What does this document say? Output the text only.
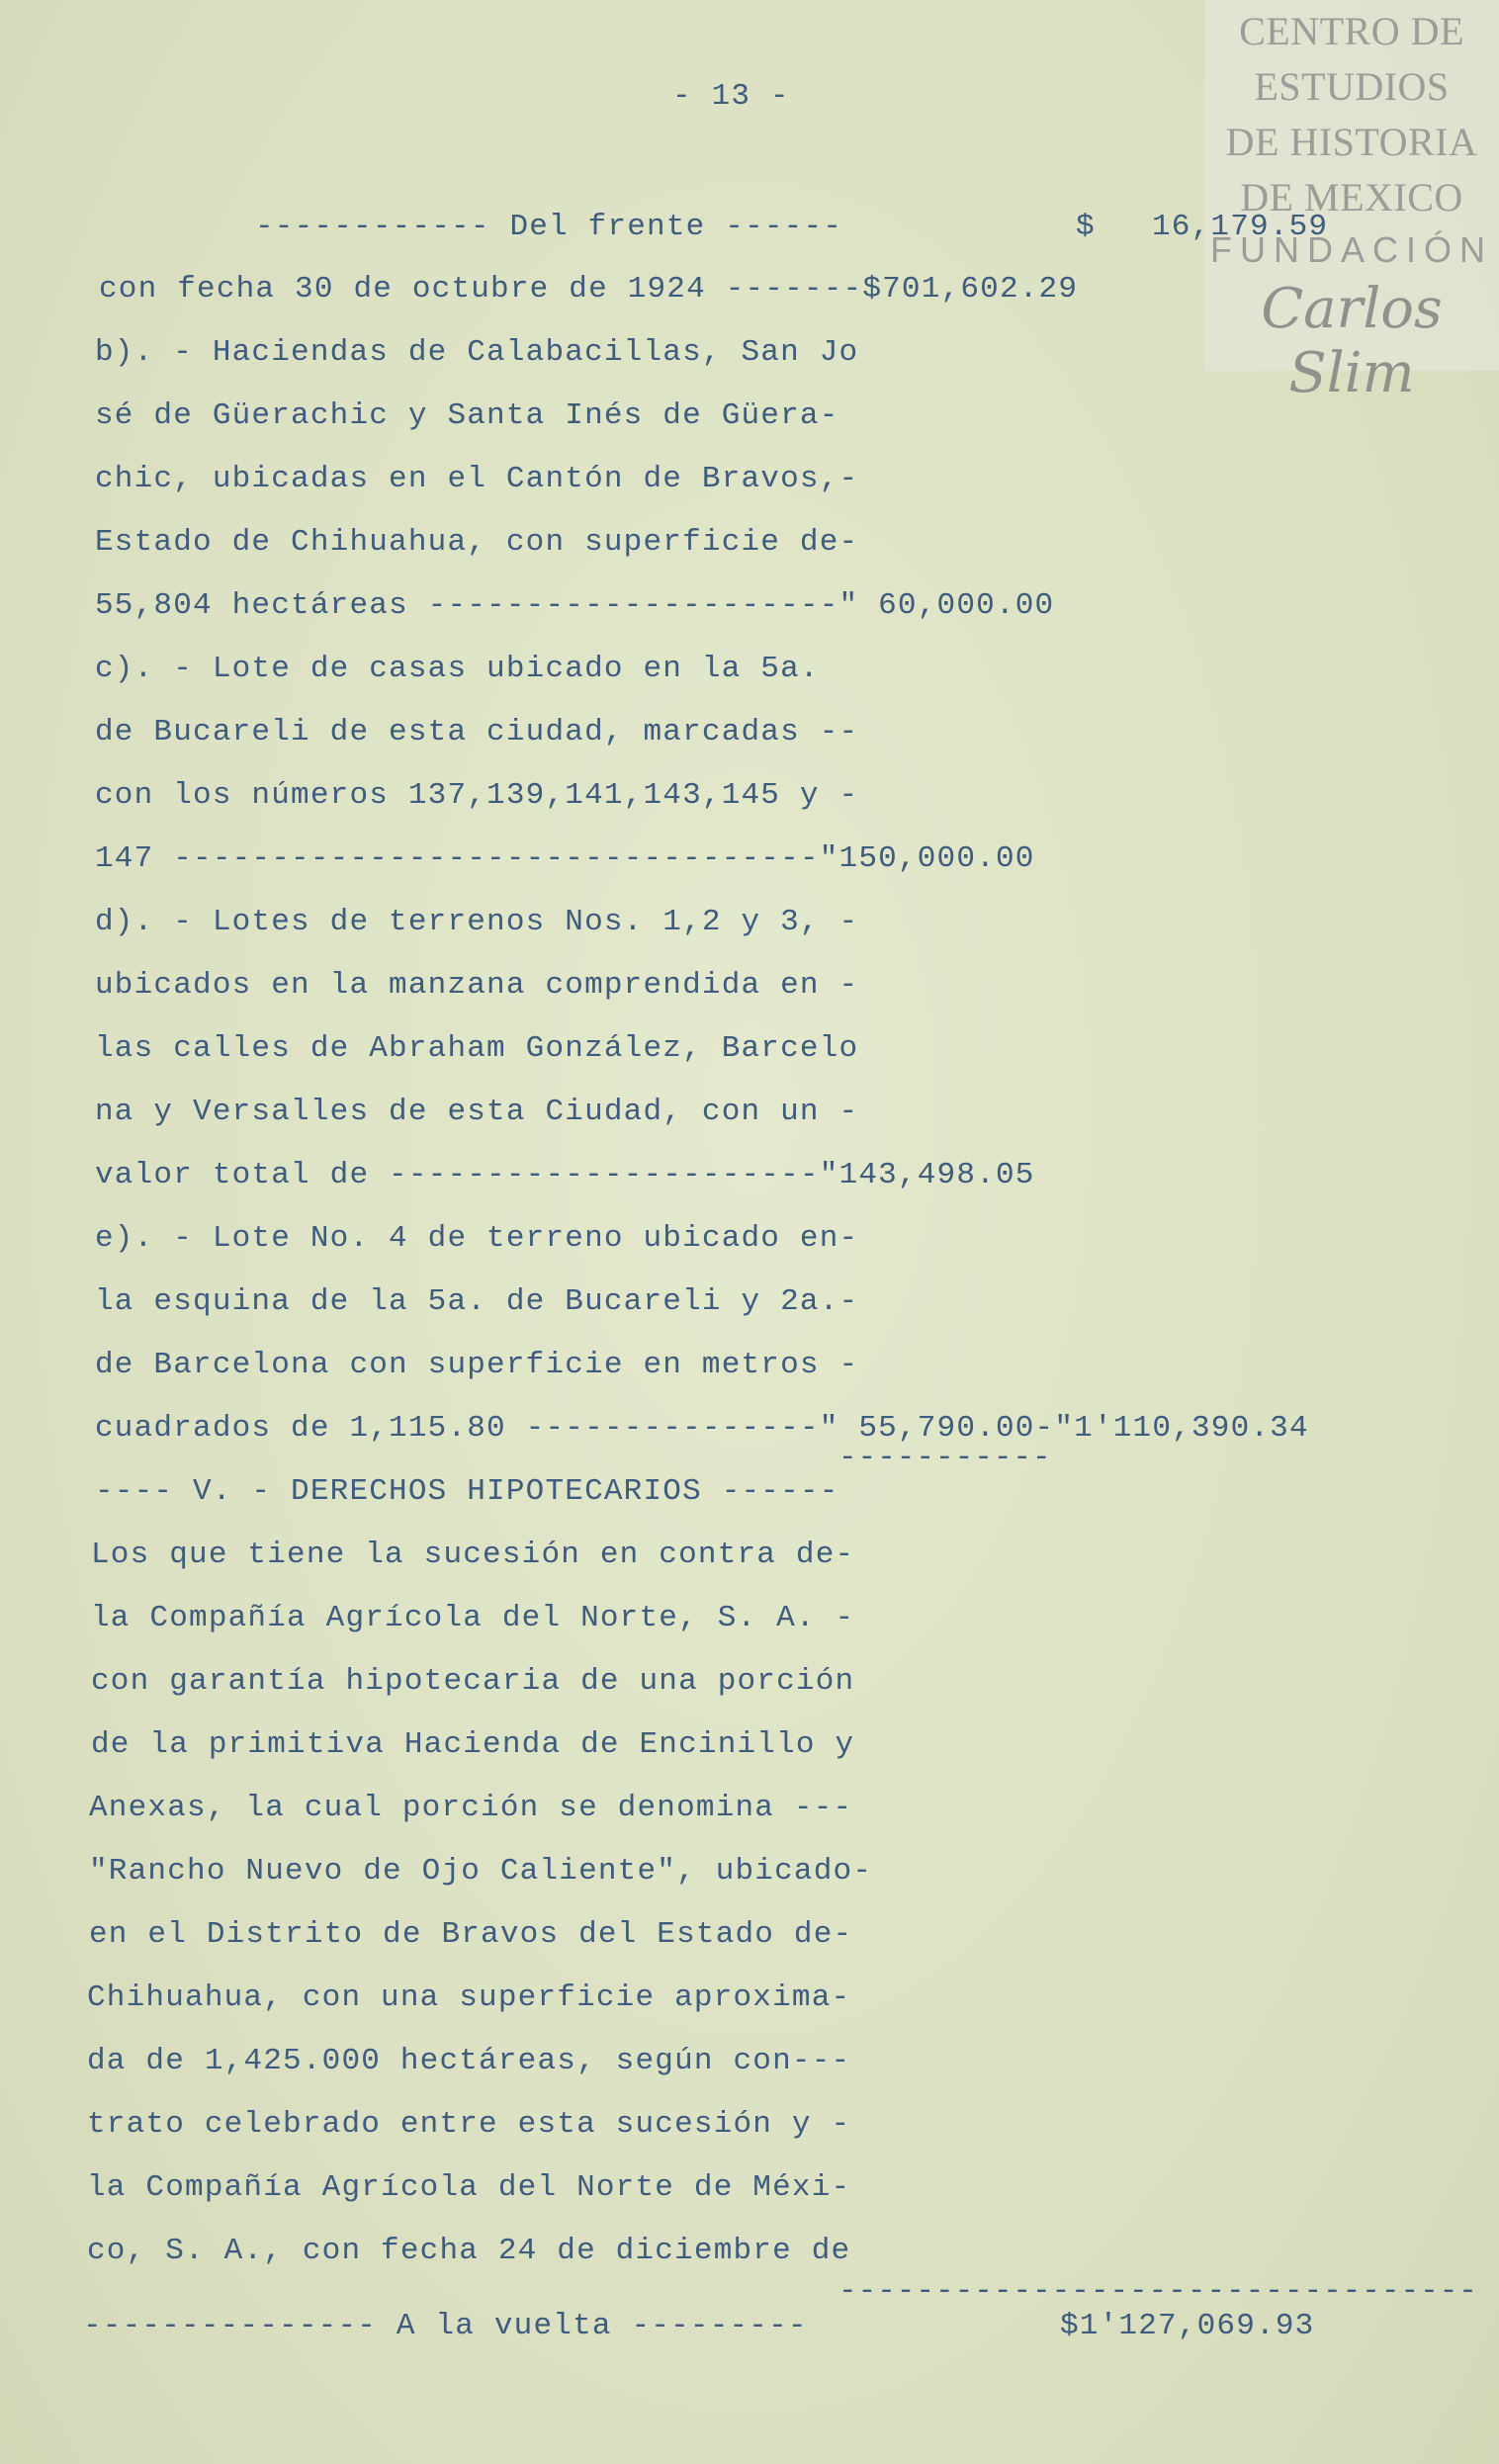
CENTRO DE
ESTUDIOS
DE HISTORIA
DE MEXICO
FUNDACIÓN
Carlos Slim
- 13 -
------------ Del frente ------	$ 16,179.59
con fecha 30 de octubre de 1924 -------$701,602.29
b). - Haciendas de Calabacillas, San Jo
sé de Güerachic y Santa Inés de Güera-
chic, ubicadas en el Cantón de Bravos,-
Estado de Chihuahua, con superficie de-
55,804 hectáreas ---------------------" 60,000.00
c). - Lote de casas ubicado en la 5a.
de Bucareli de esta ciudad, marcadas --
con los números 137,139,141,143,145 y -
147 ---------------------------------"150,000.00
d). - Lotes de terrenos Nos. 1,2 y 3, -
ubicados en la manzana comprendida en -
las calles de Abraham González, Barcelo
na y Versalles de esta Ciudad, con un -
valor total de ----------------------"143,498.05
e). - Lote No. 4 de terreno ubicado en-
la esquina de la 5a. de Bucareli y 2a.-
de Barcelona con superficie en metros -
cuadrados de 1,115.80 ---------------" 55,790.00-"1'110,390.34
-----------
---- V. - DERECHOS HIPOTECARIOS ------
Los que tiene la sucesión en contra de-
la Compañía Agrícola del Norte, S. A. -
con garantía hipotecaria de una porción
de la primitiva Hacienda de Encinillo y
Anexas, la cual porción se denomina ---
"Rancho Nuevo de Ojo Caliente", ubicado-
en el Distrito de Bravos del Estado de-
Chihuahua, con una superficie aproxima-
da de 1,425.000 hectáreas, según con---
trato celebrado entre esta sucesión y -
la Compañía Agrícola del Norte de Méxi-
co, S. A., con fecha 24 de diciembre de
---------------------------------
--------------- A la vuelta ---------	$1'127,069.93
